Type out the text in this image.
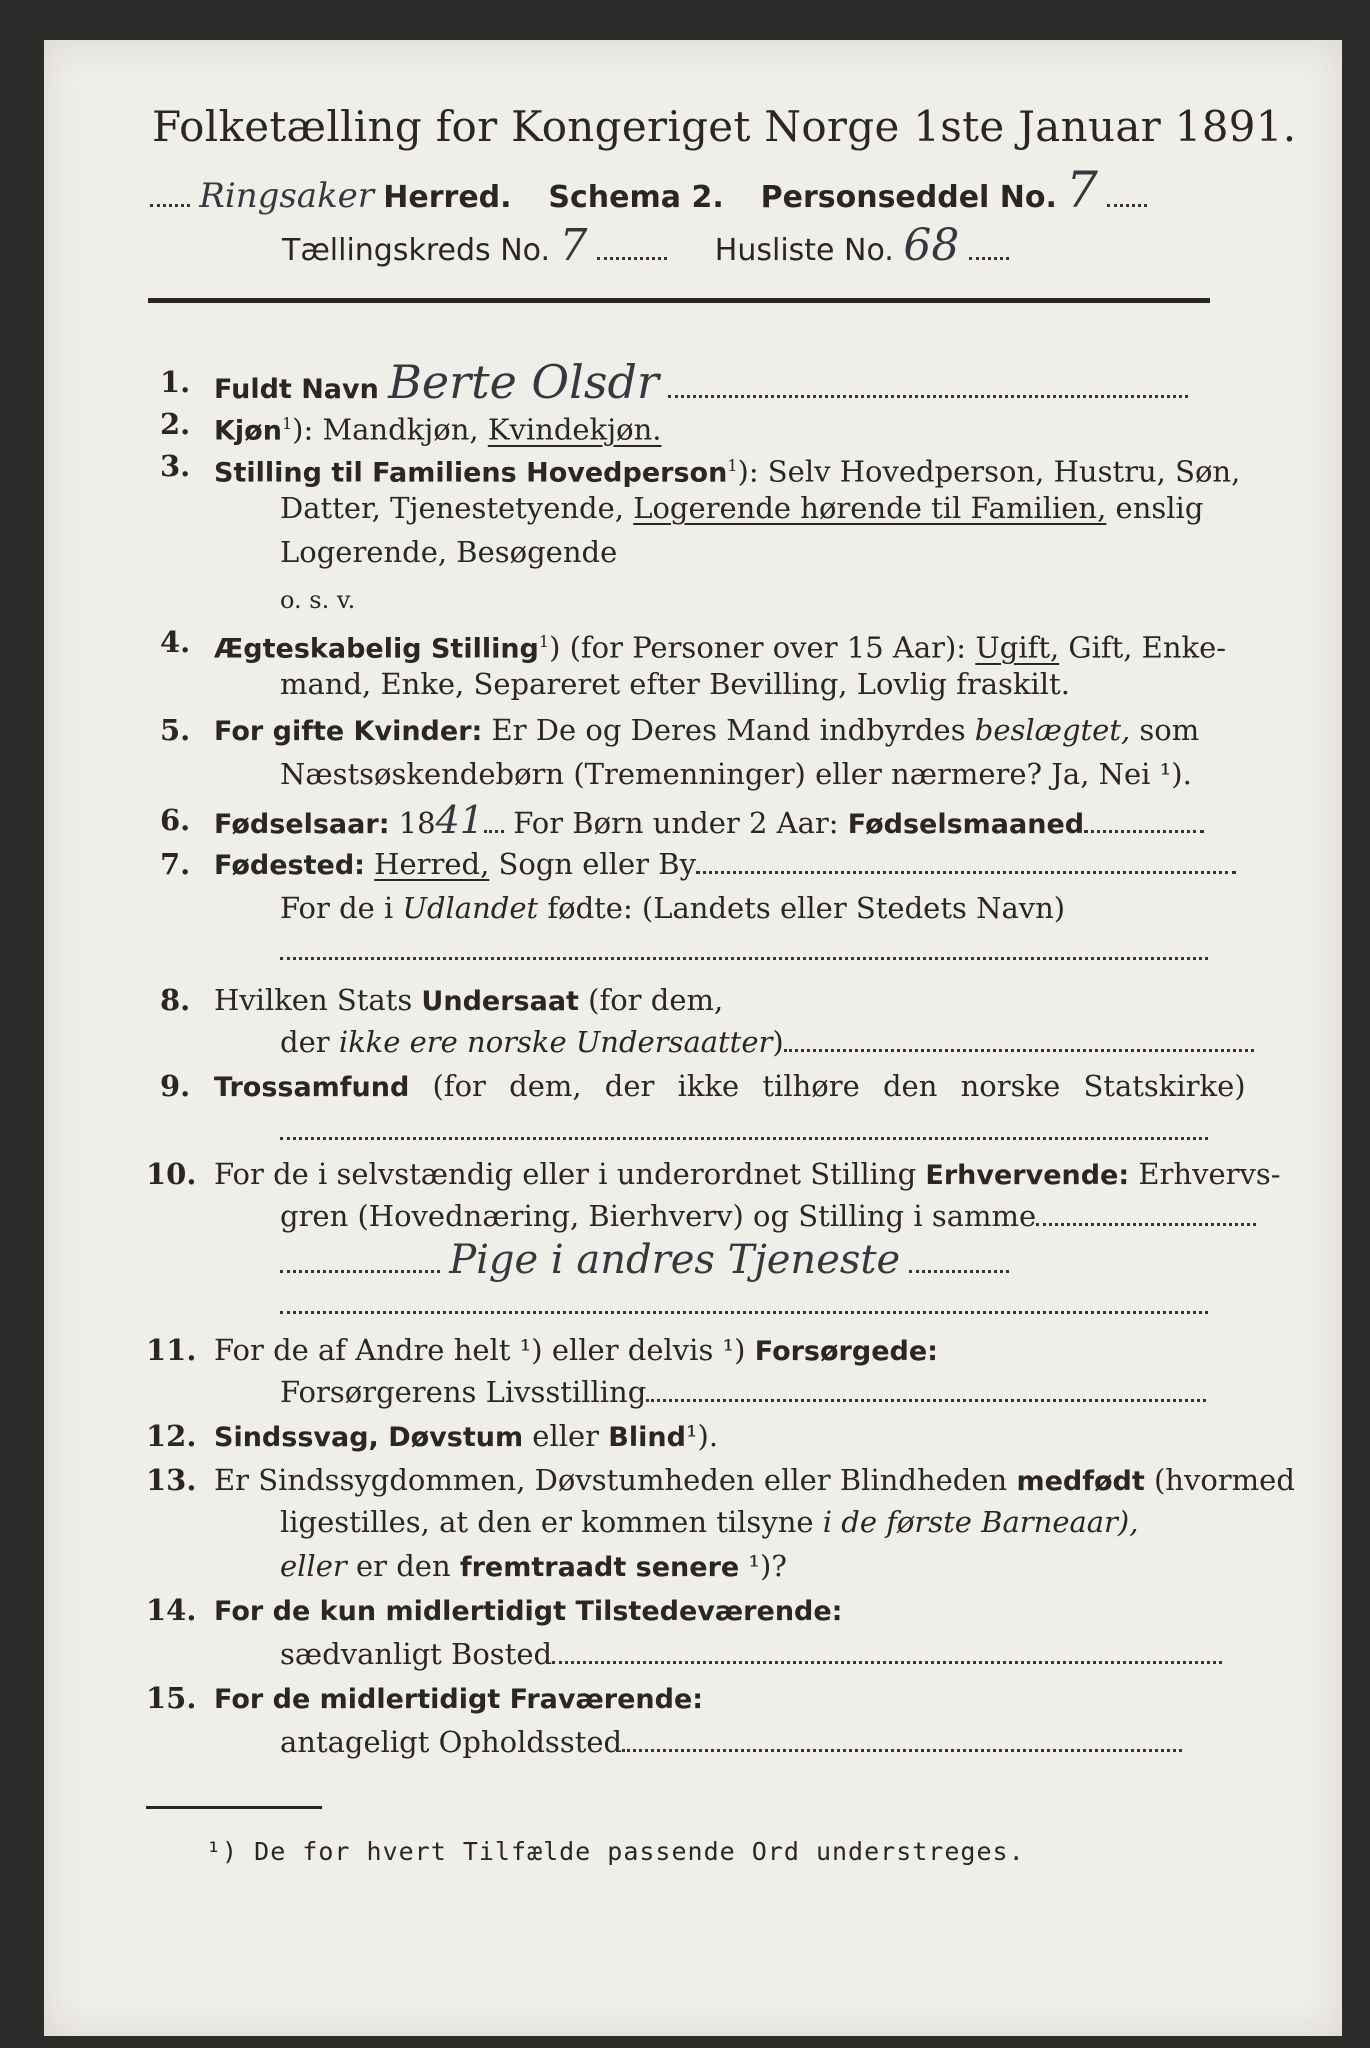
Folketælling for Kongeriget Norge 1ste Januar 1891.
Ringsaker Herred. Schema 2. Personseddel No. 7
Tællingskreds No. 7	Husliste No. 68
1. Fuldt Navn Berte Olsdr
2. Kjøn$^1$): Mandkjøn, Kvindekjøn.
3. Stilling til Familiens Hovedperson$^1$): Selv Hovedperson, Hustru, Søn,
Datter, Tjenestetyende, Logerende hørende til Familien, enslig
Logerende, Besøgende
o. s. v.
4. Ægteskabelig Stilling$^1$) (for Personer over 15 Aar): Ugift, Gift, Enke-
mand, Enke, Separeret efter Bevilling, Lovlig fraskilt.
5. For gifte Kvinder: Er De og Deres Mand indbyrdes beslægtet, som
Næstsøskendebørn (Tremenninger) eller nærmere? Ja, Nei ¹).
6. Fødselsaar: 1841 For Børn under 2 Aar: Fødselsmaaned
7. Fødested: Herred, Sogn eller By
For de i Udlandet fødte: (Landets eller Stedets Navn)
8. Hvilken Stats Undersaat (for dem,
der ikke ere norske Undersaatter)
9. Trossamfund (for dem, der ikke tilhøre den norske Statskirke)
10. For de i selvstændig eller i underordnet Stilling Erhvervende: Erhvervs-
gren (Hovednæring, Bierhverv) og Stilling i samme
Pige i andres Tjeneste
11. For de af Andre helt ¹) eller delvis ¹) Forsørgede:
Forsørgerens Livsstilling
12. Sindssvag, Døvstum eller Blind¹).
13. Er Sindssygdommen, Døvstumheden eller Blindheden medfødt (hvormed
ligestilles, at den er kommen tilsyne i de første Barneaar),
eller er den fremtraadt senere ¹)?
14. For de kun midlertidigt Tilstedeværende:
sædvanligt Bosted
15. For de midlertidigt Fraværende:
antageligt Opholdssted
¹) De for hvert Tilfælde passende Ord understreges.
